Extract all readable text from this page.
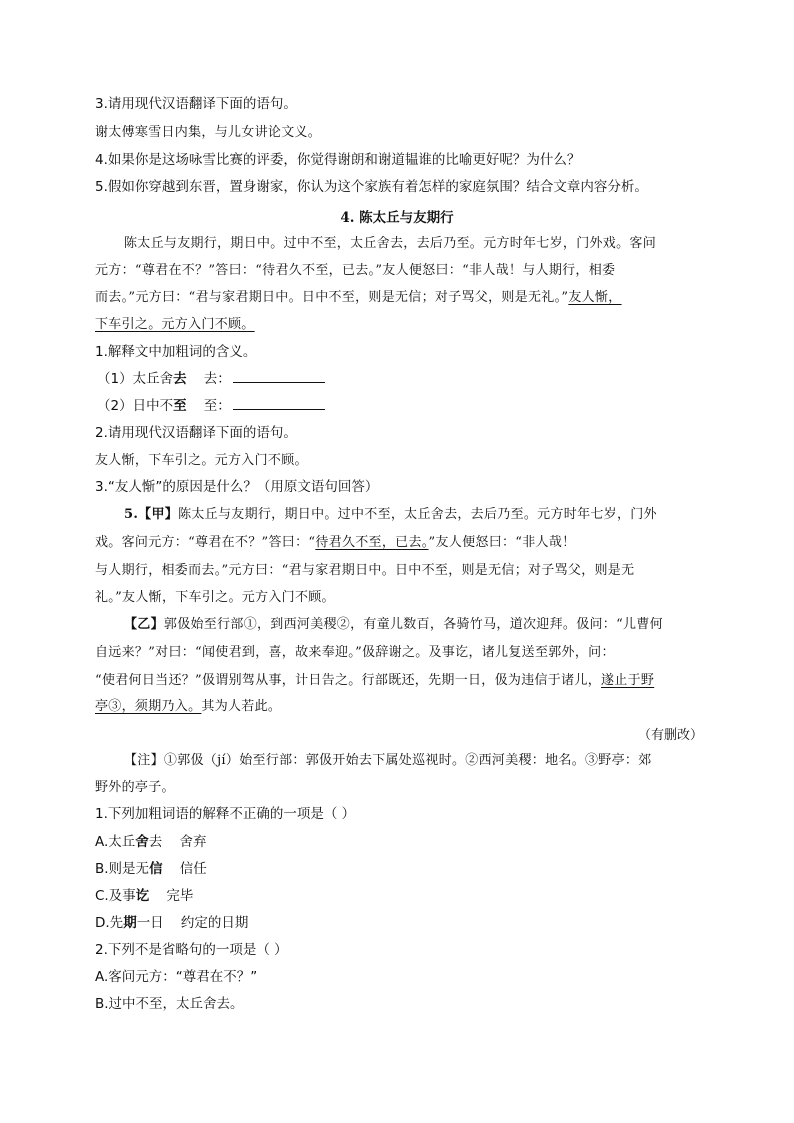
3.请用现代汉语翻译下面的语句。
谢太傅寒雪日内集，与儿女讲论文义。
4.如果你是这场咏雪比赛的评委，你觉得谢朗和谢道韫谁的比喻更好呢？为什么？
5.假如你穿越到东晋，置身谢家，你认为这个家族有着怎样的家庭氛围？结合文章内容分析。
4. 陈太丘与友期行
陈太丘与友期行，期日中。过中不至，太丘舍去，去后乃至。元方时年七岁，门外戏。客问
元方：“尊君在不？”答曰：“待君久不至，已去。”友人便怒曰：“非人哉！与人期行，相委
而去。”元方曰：“君与家君期日中。日中不至，则是无信；对子骂父，则是无礼。”友人惭，
下车引之。元方入门不顾。
1.解释文中加粗词的含义。
（1）太丘舍去 去：
（2）日中不至 至：
2.请用现代汉语翻译下面的语句。
友人惭，下车引之。元方入门不顾。
3.“友人惭”的原因是什么？（用原文语句回答）
5.【甲】陈太丘与友期行，期日中。过中不至，太丘舍去，去后乃至。元方时年七岁，门外
戏。客问元方：“尊君在不？”答曰：“待君久不至，已去。”友人便怒曰：“非人哉！
与人期行，相委而去。”元方曰：“君与家君期日中。日中不至，则是无信；对子骂父，则是无
礼。”友人惭，下车引之。元方入门不顾。
【乙】郭伋始至行部①，到西河美稷②，有童儿数百，各骑竹马，道次迎拜。伋问：“儿曹何
自远来？”对曰：“闻使君到，喜，故来奉迎。”伋辞谢之。及事讫，诸儿复送至郭外，问：
“使君何日当还？”伋谓别驾从事，计日告之。行部既还，先期一日，伋为违信于诸儿，遂止于野
亭③，须期乃入。其为人若此。
（有删改）
【注】①郭伋（jí）始至行部：郭伋开始去下属处巡视时。②西河美稷：地名。③野亭：郊
野外的亭子。
1.下列加粗词语的解释不正确的一项是（ ）
A.太丘舍去    舍弃
B.则是无信    信任
C.及事讫    完毕
D.先期一日    约定的日期
2.下列不是省略句的一项是（ ）
A.客问元方：“尊君在不？”
B.过中不至，太丘舍去。
